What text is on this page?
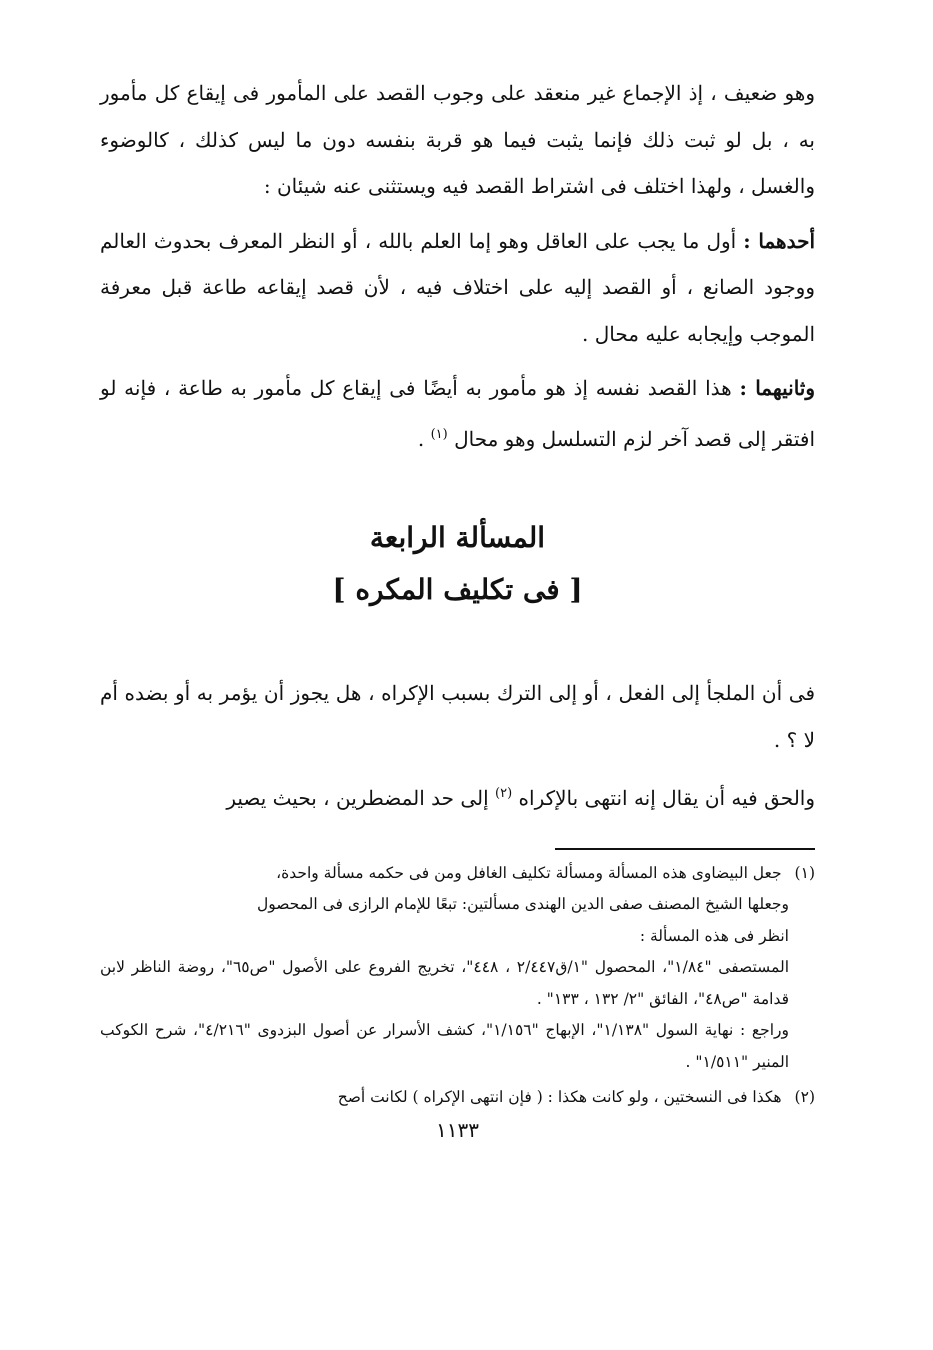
وهو ضعيف ، إذ الإجماع غير منعقد على وجوب القصد على المأمور فى إيقاع كل مأمور به ، بل لو ثبت ذلك فإنما يثبت فيما هو قربة بنفسه دون ما ليس كذلك ، كالوضوء والغسل ، ولهذا اختلف فى اشتراط القصد فيه ويستثنى عنه شيئان :

أحدهما : أول ما يجب على العاقل وهو إما العلم بالله ، أو النظر المعرف بحدوث العالم ووجود الصانع ، أو القصد إليه على اختلاف فيه ، لأن قصد إيقاعه طاعة قبل معرفة الموجب وإيجابه عليه محال .

وثانيهما : هذا القصد نفسه إذ هو مأمور به أيضًا فى إيقاع كل مأمور به طاعة ، فإنه لو افتقر إلى قصد آخر لزم التسلسل وهو محال $^{(١)}$ .

المسألة الرابعة
[ فى تكليف المكره ]

فى أن الملجأ إلى الفعل ، أو إلى الترك بسبب الإكراه ، هل يجوز أن يؤمر به أو بضده أم لا ؟ .

والحق فيه أن يقال إنه انتهى بالإكراه $^{(٢)}$ إلى حد المضطرين ، بحيث يصير

(١) جعل البيضاوى هذه المسألة ومسألة تكليف الغافل ومن فى حكمه مسألة واحدة،
وجعلها الشيخ المصنف صفى الدين الهندى مسألتين: تبعًا للإمام الرازى فى المحصول
انظر فى هذه المسألة :
المستصفى "١/٨٤"، المحصول "١/ق٢/٤٤٧ ، ٤٤٨"، تخريج الفروع على الأصول "ص٦٥"، روضة الناظر لابن قدامة "ص٤٨"، الفائق "٢/ ١٣٢ ، ١٣٣" .
وراجع : نهاية السول "١/١٣٨"، الإبهاج "١/١٥٦"، كشف الأسرار عن أصول البزدوى "٤/٢١٦"، شرح الكوكب المنير "١/٥١١" .
(٢) هكذا فى النسختين ، ولو كانت هكذا : ( فإن انتهى الإكراه ) لكانت أصح
١١٣٣
